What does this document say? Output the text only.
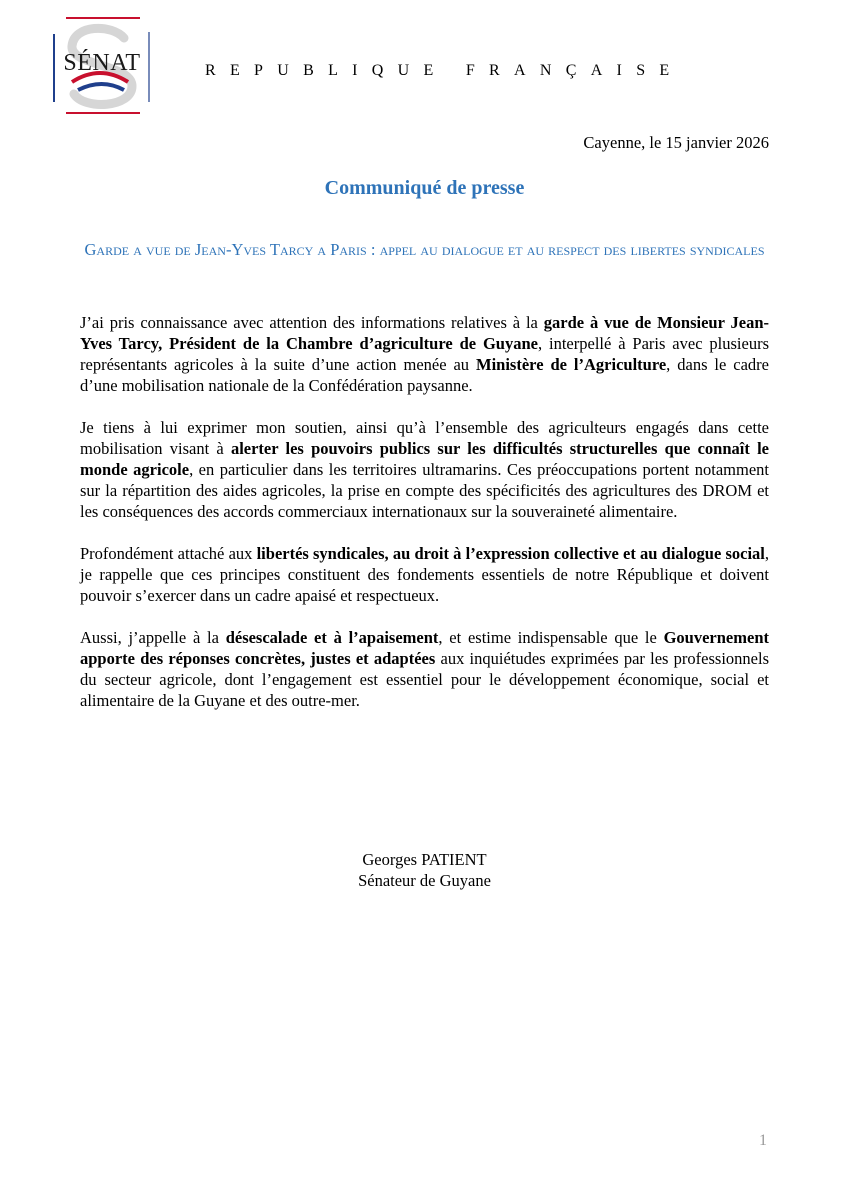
SÉNAT	REPUBLIQUE FRANÇAISE
Cayenne, le 15 janvier 2026
Communiqué de presse
Garde a vue de Jean-Yves Tarcy a Paris : appel au dialogue et au respect des libertes syndicales

J’ai pris connaissance avec attention des informations relatives à la garde à vue de Monsieur Jean-Yves Tarcy, Président de la Chambre d’agriculture de Guyane, interpellé à Paris avec plusieurs représentants agricoles à la suite d’une action menée au Ministère de l’Agriculture, dans le cadre d’une mobilisation nationale de la Confédération paysanne.

Je tiens à lui exprimer mon soutien, ainsi qu’à l’ensemble des agriculteurs engagés dans cette mobilisation visant à alerter les pouvoirs publics sur les difficultés structurelles que connaît le monde agricole, en particulier dans les territoires ultramarins. Ces préoccupations portent notamment sur la répartition des aides agricoles, la prise en compte des spécificités des agricultures des DROM et les conséquences des accords commerciaux internationaux sur la souveraineté alimentaire.

Profondément attaché aux libertés syndicales, au droit à l’expression collective et au dialogue social, je rappelle que ces principes constituent des fondements essentiels de notre République et doivent pouvoir s’exercer dans un cadre apaisé et respectueux.

Aussi, j’appelle à la désescalade et à l’apaisement, et estime indispensable que le Gouvernement apporte des réponses concrètes, justes et adaptées aux inquiétudes exprimées par les professionnels du secteur agricole, dont l’engagement est essentiel pour le développement économique, social et alimentaire de la Guyane et des outre-mer.

Georges PATIENT
Sénateur de Guyane
1
